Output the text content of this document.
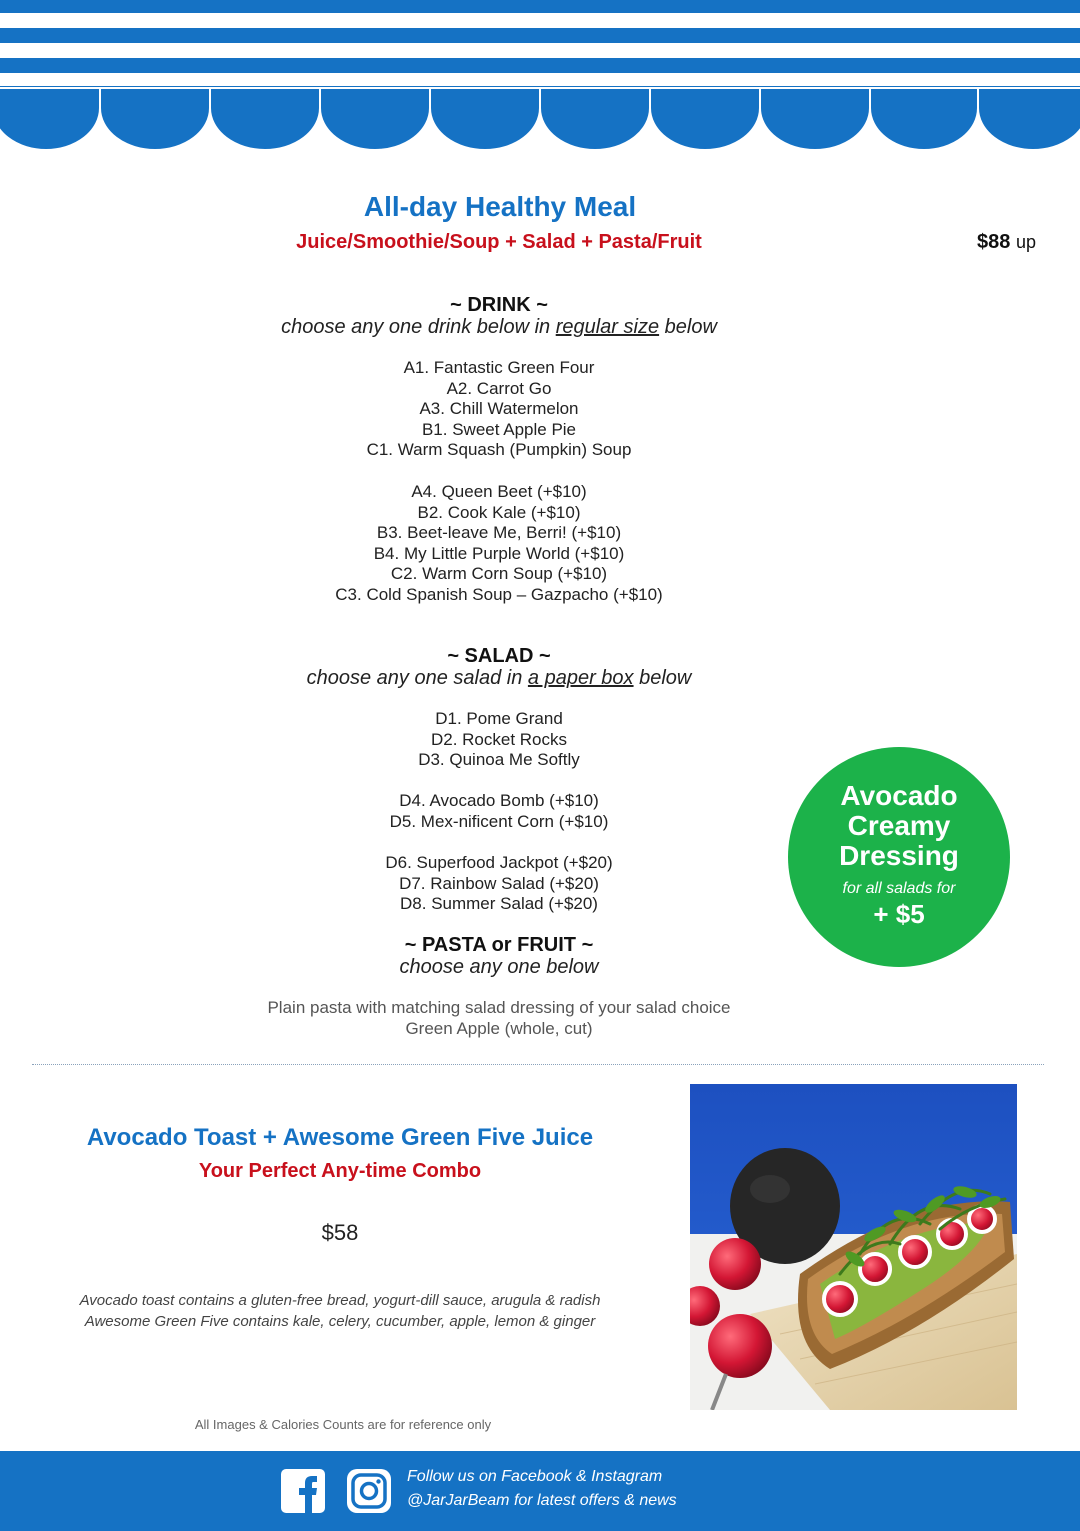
All-day Healthy Meal
Juice/Smoothie/Soup + Salad + Pasta/Fruit	$88 up
~ DRINK ~
choose any one drink below in regular size below
A1. Fantastic Green Four
A2. Carrot Go
A3. Chill Watermelon
B1. Sweet Apple Pie
C1. Warm Squash (Pumpkin) Soup
A4. Queen Beet (+$10)
B2. Cook Kale (+$10)
B3. Beet-leave Me, Berri! (+$10)
B4. My Little Purple World (+$10)
C2. Warm Corn Soup (+$10)
C3. Cold Spanish Soup – Gazpacho (+$10)
~ SALAD ~
choose any one salad in a paper box below
D1. Pome Grand
D2. Rocket Rocks
D3. Quinoa Me Softly
D4. Avocado Bomb (+$10)
D5. Mex-nificent Corn (+$10)
D6. Superfood Jackpot (+$20)
D7. Rainbow Salad (+$20)
D8. Summer Salad (+$20)
~ PASTA or FRUIT ~
choose any one below
Plain pasta with matching salad dressing of your salad choice
Green Apple (whole, cut)
Avocado
Creamy
Dressing
for all salads for
+ $5
Avocado Toast + Awesome Green Five Juice
Your Perfect Any-time Combo
$58
Avocado toast contains a gluten-free bread, yogurt-dill sauce, arugula & radish
Awesome Green Five contains kale, celery, cucumber, apple, lemon & ginger
All Images & Calories Counts are for reference only
Follow us on Facebook & Instagram
@JarJarBeam for latest offers & news
